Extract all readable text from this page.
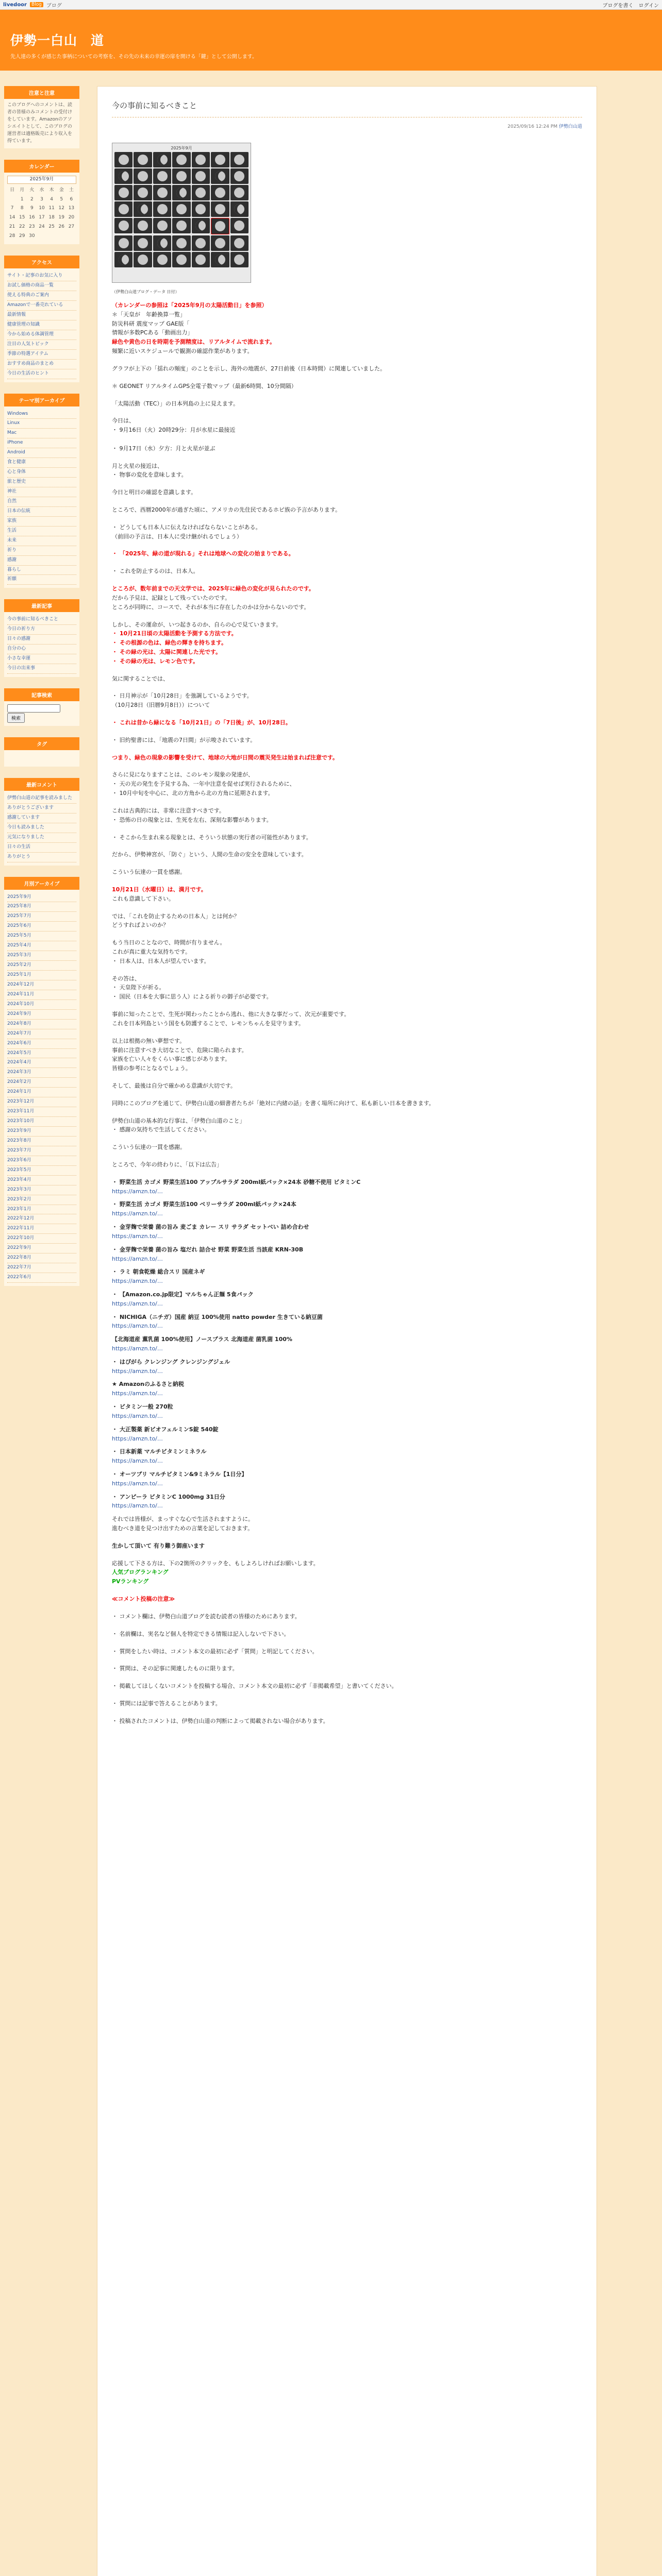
livedoor	Blog ブログ	ブログを書く ログイン
伊勢一白山　道
先人達の多くが感じた事柄についての考察を、その先の未来の幸運の扉を開ける「鍵」として公開します。
注意と注意
このブログへのコメントは、読者の皆様のみコメントの受付けをしています。Amazonのアソシエイトとして、このブログの運営者は適格販売により収入を得ています。
カレンダー
2025年9月
日	月	火	水	木	金	土
	1	2	3	4	5	6
7	8	9	10	11	12	13
14	15	16	17	18	19	20
21	22	23	24	25	26	27
28	29	30				
アクセス
サイト・記事のお気に入り
お試し価格の商品一覧
使える特典のご案内
Amazonで一番売れている
最新情報
健康管理の知識
今から始める体調管理
注目の人気トピック
季節の特選アイテム
おすすめ商品のまとめ
今日の生活のヒント
テーマ別アーカイブ
Windows
Linux
Mac
iPhone
Android
食と健康
心と身体
旅と歴史
神社
自然
日本の伝統
家族
生活
未来
祈り
感謝
暮らし
祈願
最新記事
今の事前に知るべきこと
今日の祈り方
日々の感謝
自分の心
小さな幸運
今日の出来事
記事検索
検索
タグ
最新コメント
伊勢白山道の記事を読みました
ありがとうございます
感謝しています
今日も読みました
元気になりました
日々の生活
ありがとう
月別アーカイブ
2025年9月
2025年8月
2025年7月
2025年6月
2025年5月
2025年4月
2025年3月
2025年2月
2025年1月
2024年12月
2024年11月
2024年10月
2024年9月
2024年8月
2024年7月
2024年6月
2024年5月
2024年4月
2024年3月
2024年2月
2024年1月
2023年12月
2023年11月
2023年10月
2023年9月
2023年8月
2023年7月
2023年6月
2023年5月
2023年4月
2023年3月
2023年2月
2023年1月
2022年12月
2022年11月
2022年10月
2022年9月
2022年8月
2022年7月
2022年6月
今の事前に知るべきこと
2025/09/16 12:24 PM 伊勢白山道
2025年9月
（伊勢白山道ブログ・データ 日付）

（カレンダーの参照は「2025年9月の太陽活動日」を参照）
＊「天皇が　年齢換算一覧」
防災科研 震度マップ GAE版「
情報が多数PCある「動画出力」
緑色や黄色の日を時期を予測精度は、リアルタイムで流れます。
頻繁に近いスケジュールで観測の確認作業があります。

グラフが上下の「揺れの頻度」のことを示し、海外の地震が、27日前後（日本時間）に関連していました。

＊ GEONET リアルタイムGPS全電子数マップ（最新6時間、10分間隔）

「太陽活動（TEC）」の日本列島の上に見えます。

今日は、
・ 9月16日（火）20時29分：月が水星に最接近

・ 9月17日（水）夕方：月と火星が並ぶ

月と火星の接近は、
・ 物事の変化を意味します。

今日と明日の確認を意識します。

ところで、西暦2000年が過ぎた頃に、アメリカの先住民であるホピ族の予言があります。

・ どうしても日本人に伝えなければならないことがある。
（前回の予言は、日本人に受け継がれるでしょう）

・ 「2025年、緑の道が現れる」それは地球への変化の始まりである。

・ これを防止するのは、日本人。

ところが、数年前までの天文学では、2025年に緑色の変化が見られたのです。
だから予見は、記録として残っていたのです。
ところが同時に、コースで、それが本当に存在したのかは分からないのです。

しかし、その運命が、いつ起きるのか、自らの心で見ていきます。
・ 10月21日頃の太陽活動を予測する方法です。
・ その根源の色は、緑色の輝きを持ちます。
・ その緑の光は、太陽に関連した光です。
・ その緑の光は、レモン色です。

気に関することでは、

・ 日月神示が「10月28日」を強調しているようです。
（10月28日（旧暦9月8日））について

・ これは昔から緑になる「10月21日」の「7日後」が、10月28日。

・ 旧約聖書には、「地震の7日間」が示唆されています。

つまり、緑色の現象の影響を受けて、地球の大地が日間の震災発生は始まれば注意です。

さらに見になりますことは、このレモン現象の発達が、
・ 天の光の発生を予見する為、一年中注意を促せば実行されるために、
・ 10月中旬を中心に、北の方角から北の方角に延期されます。

これは古典的には、非常に注意すべきです。
・ 恐怖の日の現象とは、生死を左右、深刻な影響があります。

・ そこから生まれ来る現象とは、そういう状態の実行者の可能性があります。

だから、伊勢神宮が、「防ぐ」という、人間の生命の安全を意味しています。

こういう伝達の一貫を感謝。

10月21日（水曜日）は、満月です。
これも意識して下さい。

では、「これを防止するための日本人」とは何か？
どうすればよいのか？

もう当日のことなので、時間が有りません。
これが真に重大な気持ちです。
・ 日本人は、日本人が望んでいます。

その答は、
・ 天皇陛下が祈る。
・ 国民（日本を大事に思う人）による祈りの御子が必要です。

事前に知ったことで、生死が関わったことから逃れ、他に大きな事だって、次元が重要です。
これを日本列島という国をも防護することで、レモンちゃんを見守ります。

以上は根拠の無い夢想です。
事前に注意すべき大切なことで、危険に陥られます。
家族を亡い人々をくらい事に感じがあります。
皆様の参考にとなるでしょう。

そして、最後は自分で確かめる意識が大切です。

同時にこのブログを通じて、伊勢白山道の細書者たちが「絶対に内緒の話」を書く場所に向けて、私も新しい日本を書きます。

伊勢白山道の基本的な行事は、「伊勢白山道のこと」
・ 感謝の気持ちで生活してください。

こういう伝達の一貫を感謝。

ところで、今年の終わりに、「以下は広告」

・ 野菜生活 カゴメ 野菜生活100 アップルサラダ 200ml紙パック×24本 砂糖不使用 ビタミンC
https://amzn.to/…
・ 野菜生活 カゴメ 野菜生活100 ベリーサラダ 200ml紙パック×24本
https://amzn.to/…
・ 金芽麹で栄養 菌の旨み 麦ごま カレー スリ サラダ セットべい 詰め合わせ
https://amzn.to/…
・ 金芽麹で栄養 菌の旨み 塩だれ 詰合せ 野菜 野菜生活 当該産 KRN-30B
https://amzn.to/…
・ ラミ 朝食乾燥 総合スリ 国産ネギ
https://amzn.to/…
・ 【Amazon.co.jp限定】マルちゃん正麺 5食パック
https://amzn.to/…
・ NICHIGA（ニチガ）国産 納豆 100%使用 natto powder 生きている納豆菌
https://amzn.to/…
【北海道産 薫乳菌 100%使用】ノースプラス 北海道産 菌乳菌 100%
https://amzn.to/…
・ はぴがら クレンジング クレンジングジェル
https://amzn.to/…
★ Amazonのふるさと納税
https://amzn.to/…
・ ビタミン一般 270粒
https://amzn.to/…
・ 大正製薬 新ビオフェルミンS錠 540錠
https://amzn.to/…
・ 日本新薬 マルチビタミンミネラル
https://amzn.to/…
・ オーツブリ マルチビタミン&9ミネラル【1日分】
https://amzn.to/…
・ アンピーラ ビタミンC 1000mg 31日分
https://amzn.to/…

それでは皆様が、まっすぐな心で生活されますように。
進むべき道を見つけ出すための言葉を記しておきます。

生かして頂いて 有り難う御座います

応援して下さる方は、下の2箇所のクリックを、もしよろしければお願いします。
人気ブログランキング
PVランキング

≪コメント投稿の注意≫

・ コメント欄は、伊勢白山道ブログを読む読者の皆様のためにあります。

・ 名前欄は、実名など個人を特定できる情報は記入しないで下さい。

・ 質問をしたい時は、コメント本文の最初に必ず「質問」と明記してください。

・ 質問は、その記事に関連したものに限ります。

・ 掲載してほしくないコメントを投稿する場合、コメント本文の最初に必ず「非掲載希望」と書いてください。

・ 質問には記事で答えることがあります。

・ 投稿されたコメントは、伊勢白山道の判断によって掲載されない場合があります。
